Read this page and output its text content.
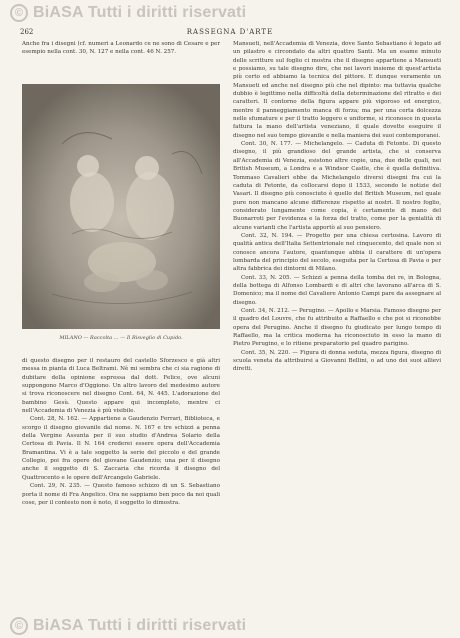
© BiASA Tutti i diritti riservati
262	RASSEGNA D'ARTE

Anche fra i disegni (cf. numeri a Leonardo ce ne sono di Cesare e per esempio nella cont. 30, N. 127 e nella cont. 46 N. 257.

MILANO — Raccolta … — Il Risveglio di Cupido.

di questo disegno per il restauro del castello Sforzesco e già altri messa in pianta di Luca Beltrami. Nè mi sembra che ci sia ragione di dubitare della opinione espressa dal dott. Felice, ove alcuni suppongono Marco d'Oggiono. Un altro lavoro del medesimo autore si trova riconoscere nel disegno Cont. 64, N. 445. L'adorazione del bambino Gesù. Questo appare qui incompleto, mentre ci nell'Accademia di Venezia è più visibile.

Cont. 28, N. 162. — Appartiene a Gaudenzio Ferrari, Biblioteca, e scorgo il disegno giovanile dal nome. N. 167 e tre schizzi a penna della Vergine Assunta per il suo studio d'Andrea Solario della Certosa di Pavia. Il N. 164 crederei essere opera dell'Accademia Bramantina. Vi è a tale soggetto la serie del piccolo e del grande Collegio, poi fra opere del giovane Gaudenzio; una per il disegno anche il soggetto di S. Zaccaria che ricorda il disegno del Quattrocento e le opere dell'Arcangelo Gabriele.

Cont. 29, N. 235. — Questo famoso schizzo di un S. Sebastiano porta il nome di Fra Angelico. Ora ne sappiamo ben poco da noi quali cose, per il contesto non è noto, il soggetto lo dimostra.

Mansueti, nell'Accademia di Venezia, dove Santo Sebastiano è legato ad un pilastro e circondato da altri quattro Santi. Ma un esame minuto delle scritture sul foglio ci mostra che il disegno appartiene a Mansueti e possiamo, su tale disegno dire, che nei lavori insieme di quest'artista più certo ed abbiamo la tecnica del pittore. E dunque veramente un Mansueti ed anche nel disegno più che nel dipinto: ma tuttavia qualche dubbio è legittimo nella difficoltà della determinazione del ritratto e dei caratteri. Il contorno della figura appare più vigoroso ed energico, mentre il panneggiamento manca di forza; ma per una certa dolcezza nelle sfumature e per il tratto leggero e uniforme, si riconosce in questa fattura la mano dell'artista veneziano, il quale dovette eseguire il disegno nel suo tempo giovanile e nella maniera dei suoi contemporanei.

Cont. 30, N. 177. — Michelangelo. — Caduta di Fetonte. Di questo disegno, il più grandioso del grande artista, che si conserva all'Accademia di Venezia, esistono altre copie, una, due delle quali, nei British Museum, a Londra e a Windsor Castle, che è quella definitiva. Tommaso Cavalieri ebbe da Michelangelo diversi disegni fra cui la caduta di Fetonte, da collocarsi dopo il 1533, secondo le notizie del Vasari. Il disegno più conosciuto è quello del British Museum, nel quale pure non mancano alcune differenze rispetto ai nostri. Il nostro foglio, considerato lungamente come copia, è certamente di mano del Buonarroti per l'evidenza e la forza del tratto, come per la genialità di alcune varianti che l'artista apportò al suo pensiero.

Cont. 32, N. 194. — Progetto per una chiesa certosina. Lavoro di qualità antica dell'Italia Settentrionale nel cinquecento, del quale non si conosce ancora l'autore, quantunque abbia il carattere di un'opera lombarda del principio del secolo, eseguita per la Certosa di Pavia o per altra fabbrica dei dintorni di Milano.

Cont. 33, N. 205. — Schizzi a penna della tomba dei re, in Bologna, della bottega di Alfonso Lombardi e di altri che lavorano all'arca di S. Domenico; ma il nome del Cavaliere Antonio Campi pare da assegnare al disegno.

Cont. 34, N. 212. — Perugino. — Apollo e Marsia. Famoso disegno per il quadro del Louvre, che fu attribuito a Raffaello e che poi si riconobbe opera del Perugino. Anche il disegno fu giudicato per lungo tempo di Raffaello, ma la critica moderna ha riconosciuto in esso la mano di Pietro Perugino, e lo ritiene preparatorio pel quadro parigino.

Cont. 35, N. 220. — Figura di donna seduta, mezza figura, disegno di scuola veneta da attribuirsi a Giovanni Bellini, o ad uno dei suoi allievi diretti.

© BiASA Tutti i diritti riservati
